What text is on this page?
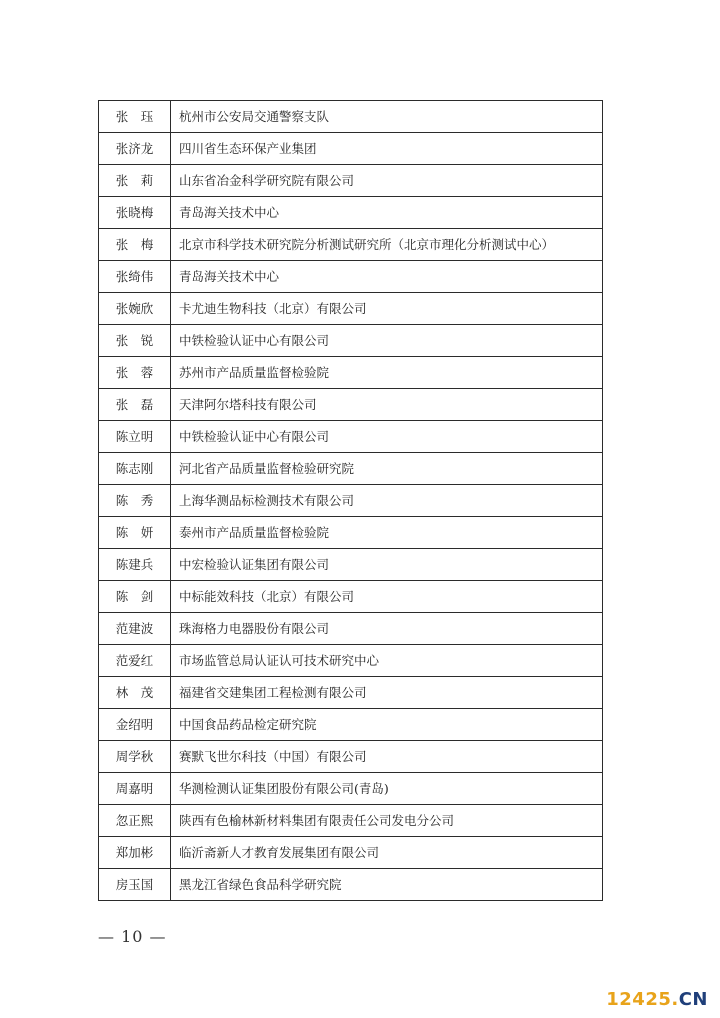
张　珏	杭州市公安局交通警察支队
张济龙	四川省生态环保产业集团
张　莉	山东省冶金科学研究院有限公司
张晓梅	青岛海关技术中心
张　梅	北京市科学技术研究院分析测试研究所（北京市理化分析测试中心）
张绮伟	青岛海关技术中心
张婉欣	卡尤迪生物科技（北京）有限公司
张　锐	中铁检验认证中心有限公司
张　蓉	苏州市产品质量监督检验院
张　磊	天津阿尔塔科技有限公司
陈立明	中铁检验认证中心有限公司
陈志刚	河北省产品质量监督检验研究院
陈　秀	上海华测品标检测技术有限公司
陈　妍	泰州市产品质量监督检验院
陈建兵	中宏检验认证集团有限公司
陈　剑	中标能效科技（北京）有限公司
范建波	珠海格力电器股份有限公司
范爱红	市场监管总局认证认可技术研究中心
林　茂	福建省交建集团工程检测有限公司
金绍明	中国食品药品检定研究院
周学秋	赛默飞世尔科技（中国）有限公司
周嘉明	华测检测认证集团股份有限公司(青岛)
忽正熙	陕西有色榆林新材料集团有限责任公司发电分公司
郑加彬	临沂斋新人才教育发展集团有限公司
房玉国	黑龙江省绿色食品科学研究院
— 10 —
12425.CN
